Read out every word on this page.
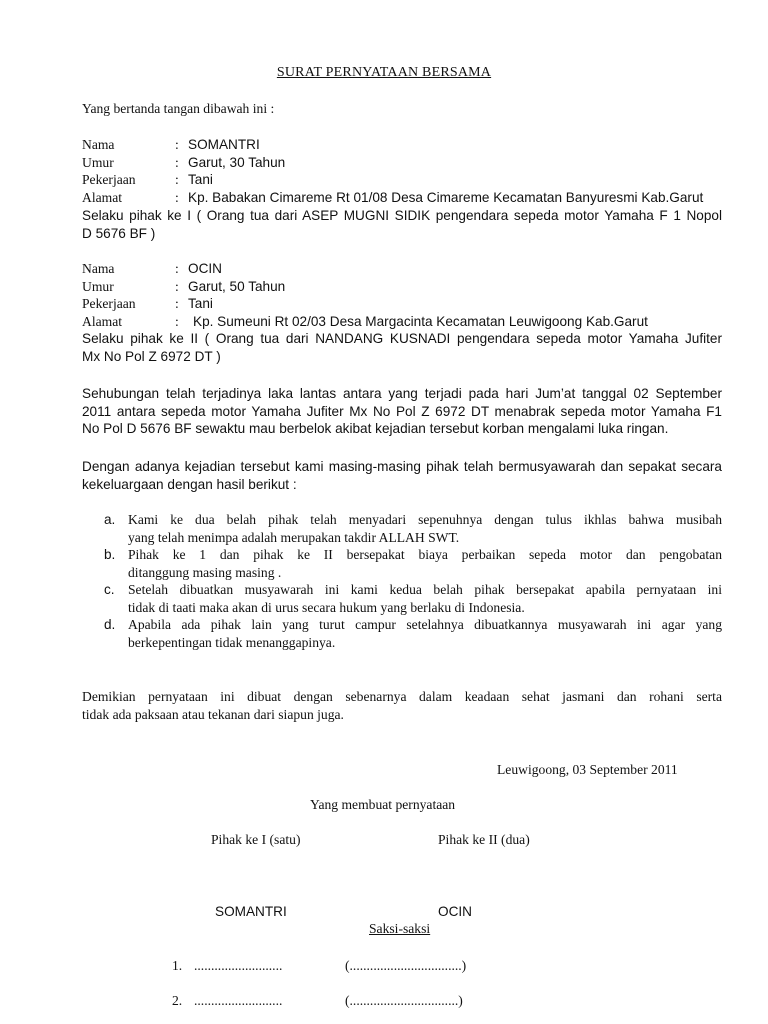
SURAT PERNYATAAN BERSAMA
Yang bertanda tangan dibawah ini :
Nama	: SOMANTRI
Umur	: Garut, 30 Tahun
Pekerjaan	: Tani
Alamat	: Kp. Babakan Cimareme Rt 01/08 Desa Cimareme Kecamatan Banyuresmi Kab.Garut
Selaku pihak ke I ( Orang tua dari ASEP MUGNI SIDIK pengendara sepeda motor Yamaha F 1 Nopol
D 5676 BF )
Nama	: OCIN
Umur	: Garut, 50 Tahun
Pekerjaan	: Tani
Alamat	:	Kp. Sumeuni Rt 02/03 Desa Margacinta Kecamatan Leuwigoong Kab.Garut
Selaku pihak ke II ( Orang tua dari NANDANG KUSNADI pengendara sepeda motor Yamaha Jufiter
Mx No Pol Z 6972 DT )
Sehubungan telah terjadinya laka lantas antara yang terjadi pada hari Jum’at tanggal 02 September
2011 antara sepeda motor Yamaha Jufiter Mx No Pol Z 6972 DT menabrak sepeda motor Yamaha F1
No Pol D 5676 BF sewaktu mau berbelok akibat kejadian tersebut korban mengalami luka ringan.
Dengan adanya kejadian tersebut kami masing-masing pihak telah bermusyawarah dan sepakat secara
kekeluargaan dengan hasil berikut :
a. Kami ke dua belah pihak telah menyadari sepenuhnya dengan tulus ikhlas bahwa musibah
yang telah menimpa adalah merupakan takdir ALLAH SWT.
b. Pihak ke 1 dan pihak ke II bersepakat biaya perbaikan sepeda motor dan pengobatan
ditanggung masing masing .
c. Setelah dibuatkan musyawarah ini kami kedua belah pihak bersepakat apabila pernyataan ini
tidak di taati maka akan di urus secara hukum yang berlaku di Indonesia.
d. Apabila ada pihak lain yang turut campur setelahnya dibuatkannya musyawarah ini agar yang
berkepentingan tidak menanggapinya.
Demikian pernyataan ini dibuat dengan sebenarnya dalam keadaan sehat jasmani dan rohani serta
tidak ada paksaan atau tekanan dari siapun juga.
Leuwigoong, 03 September 2011
Yang membuat pernyataan
Pihak ke I (satu)	Pihak ke II (dua)
SOMANTRI	OCIN
Saksi-saksi
1. ..........................	(.................................)
2. ..........................	(................................)
